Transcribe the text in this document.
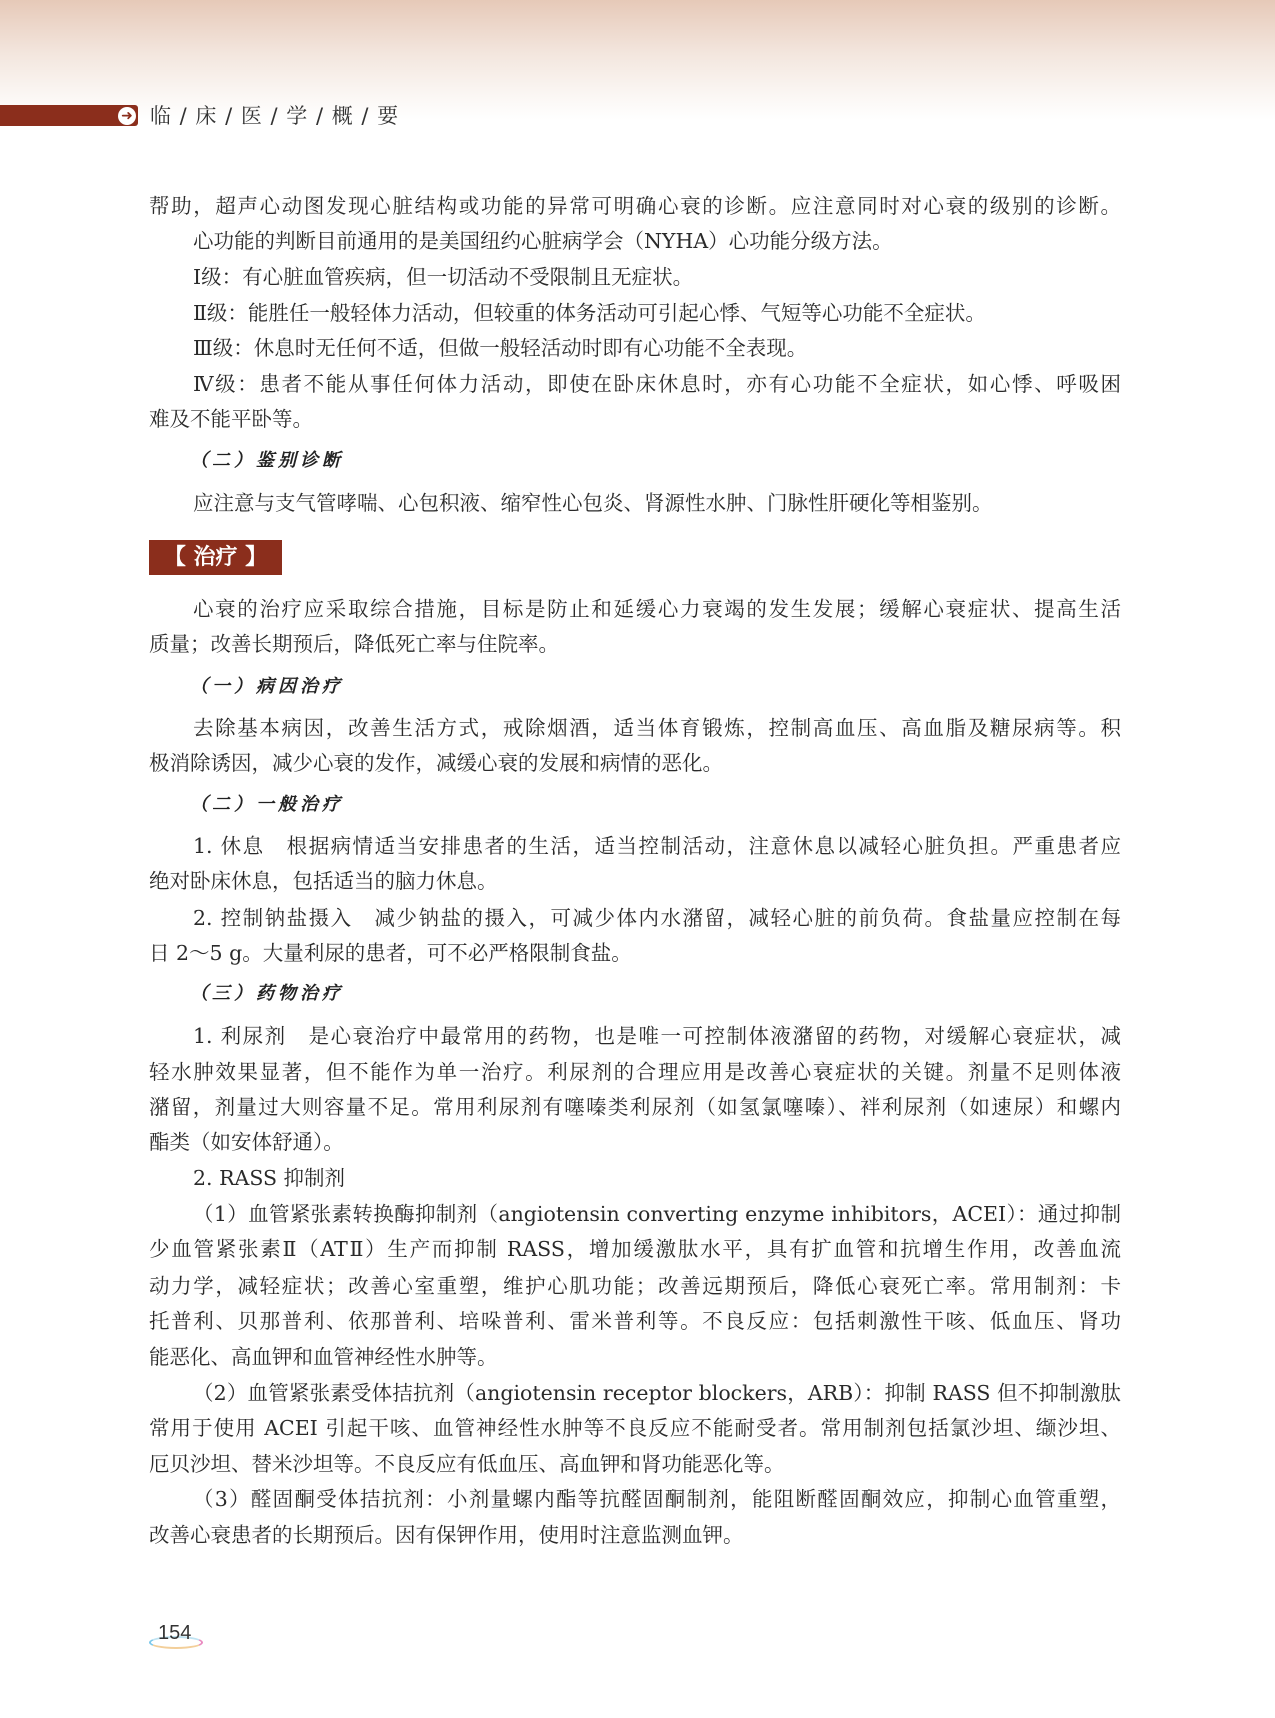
➜ 临 / 床 / 医 / 学 / 概 / 要
【 治疗 】
帮助，超声心动图发现心脏结构或功能的异常可明确心衰的诊断。应注意同时对心衰的级别的诊断。
心功能的判断目前通用的是美国纽约心脏病学会（NYHA）心功能分级方法。
Ⅰ级：有心脏血管疾病，但一切活动不受限制且无症状。
Ⅱ级：能胜任一般轻体力活动，但较重的体务活动可引起心悸、气短等心功能不全症状。
Ⅲ级：休息时无任何不适，但做一般轻活动时即有心功能不全表现。
Ⅳ级：患者不能从事任何体力活动，即使在卧床休息时，亦有心功能不全症状，如心悸、呼吸困
难及不能平卧等。
（二）鉴别诊断
应注意与支气管哮喘、心包积液、缩窄性心包炎、肾源性水肿、门脉性肝硬化等相鉴别。
心衰的治疗应采取综合措施，目标是防止和延缓心力衰竭的发生发展；缓解心衰症状、提高生活
质量；改善长期预后，降低死亡率与住院率。
（一）病因治疗
去除基本病因，改善生活方式，戒除烟酒，适当体育锻炼，控制高血压、高血脂及糖尿病等。积
极消除诱因，减少心衰的发作，减缓心衰的发展和病情的恶化。
（二）一般治疗
1. 休息　根据病情适当安排患者的生活，适当控制活动，注意休息以减轻心脏负担。严重患者应
绝对卧床休息，包括适当的脑力休息。
2. 控制钠盐摄入　减少钠盐的摄入，可减少体内水潴留，减轻心脏的前负荷。食盐量应控制在每
日 2～5 g。大量利尿的患者，可不必严格限制食盐。
（三）药物治疗
1. 利尿剂　是心衰治疗中最常用的药物，也是唯一可控制体液潴留的药物，对缓解心衰症状，减
轻水肿效果显著，但不能作为单一治疗。利尿剂的合理应用是改善心衰症状的关键。剂量不足则体液
潴留，剂量过大则容量不足。常用利尿剂有噻嗪类利尿剂（如氢氯噻嗪）、袢利尿剂（如速尿）和螺内
酯类（如安体舒通）。
2. RASS 抑制剂
（1）血管紧张素转换酶抑制剂（angiotensin converting enzyme inhibitors，ACEI）：通过抑制
少血管紧张素Ⅱ（ATⅡ）生产而抑制 RASS，增加缓激肽水平，具有扩血管和抗增生作用，改善血流
动力学，减轻症状；改善心室重塑，维护心肌功能；改善远期预后，降低心衰死亡率。常用制剂：卡
托普利、贝那普利、依那普利、培哚普利、雷米普利等。不良反应：包括刺激性干咳、低血压、肾功
能恶化、高血钾和血管神经性水肿等。
（2）血管紧张素受体拮抗剂（angiotensin receptor blockers，ARB）：抑制 RASS 但不抑制激肽
常用于使用 ACEI 引起干咳、血管神经性水肿等不良反应不能耐受者。常用制剂包括氯沙坦、缬沙坦、
厄贝沙坦、替米沙坦等。不良反应有低血压、高血钾和肾功能恶化等。
（3）醛固酮受体拮抗剂：小剂量螺内酯等抗醛固酮制剂，能阻断醛固酮效应，抑制心血管重塑，
改善心衰患者的长期预后。因有保钾作用，使用时注意监测血钾。
154
